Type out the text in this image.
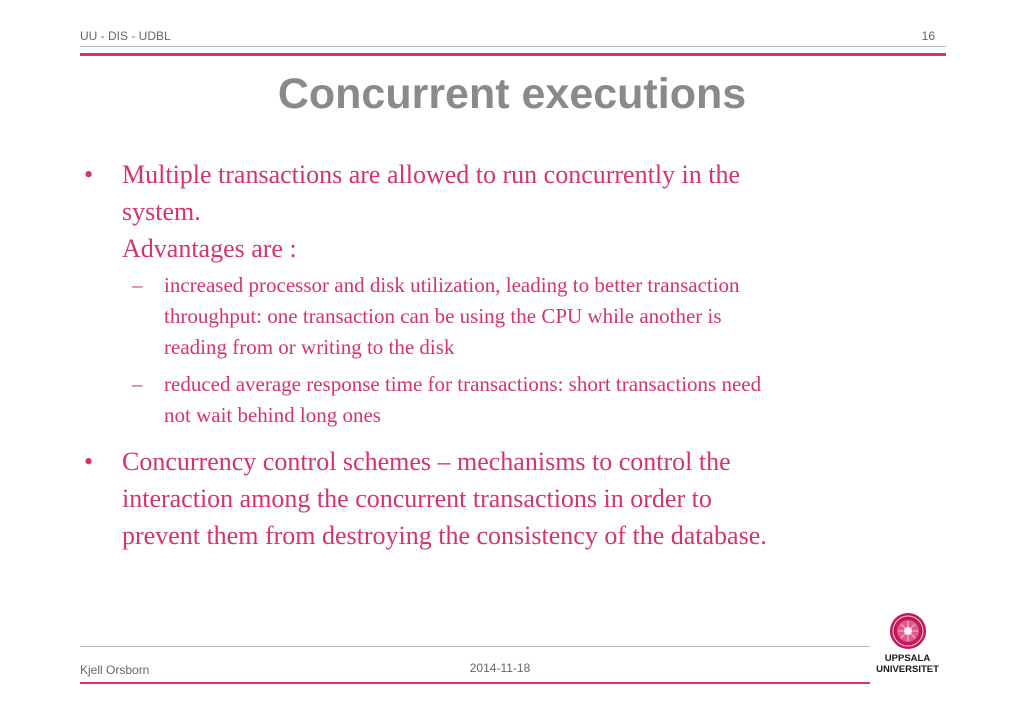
UU - DIS - UDBL	16
Concurrent executions
• Multiple transactions are allowed to run concurrently in the
system.
Advantages are :
– increased processor and disk utilization, leading to better transaction
throughput: one transaction can be using the CPU while another is
reading from or writing to the disk
– reduced average response time for transactions: short transactions need
not wait behind long ones
• Concurrency control schemes – mechanisms to control the
interaction among the concurrent transactions in order to
prevent them from destroying the consistency of the database.
Kjell Orsborn	2014-11-18
UPPSALA
UNIVERSITET
